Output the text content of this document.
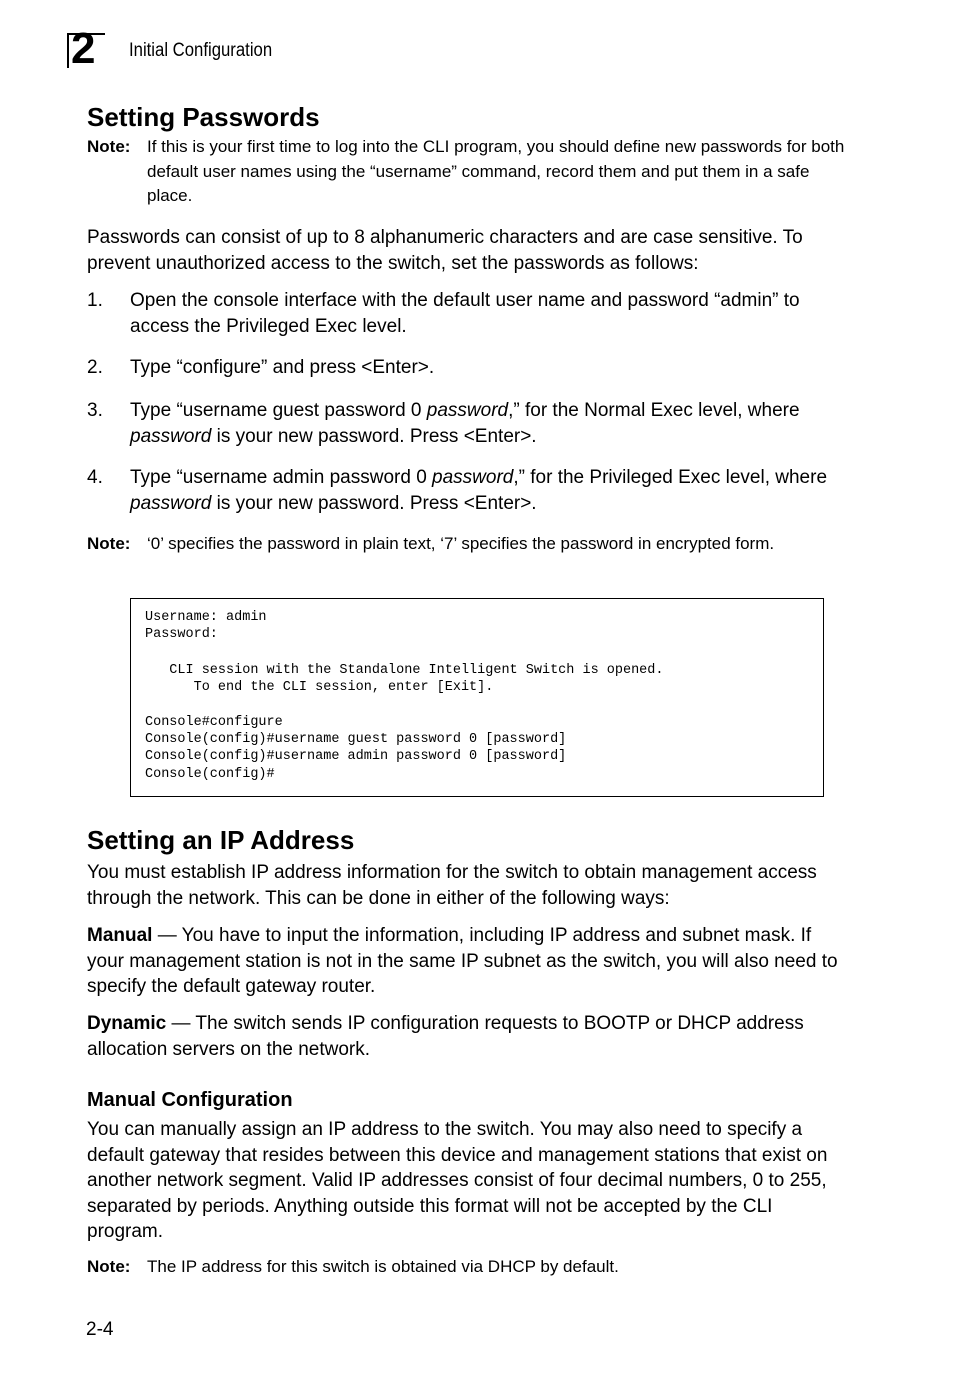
2 Initial Configuration
Setting Passwords
Note: If this is your first time to log into the CLI program, you should define new passwords for both default user names using the “username” command, record them and put them in a safe place.
Passwords can consist of up to 8 alphanumeric characters and are case sensitive. To prevent unauthorized access to the switch, set the passwords as follows:
1. Open the console interface with the default user name and password “admin” to access the Privileged Exec level.
2. Type “configure” and press <Enter>.
3. Type “username guest password 0 password,” for the Normal Exec level, where password is your new password. Press <Enter>.
4. Type “username admin password 0 password,” for the Privileged Exec level, where password is your new password. Press <Enter>.
Note: ‘0’ specifies the password in plain text, ‘7’ specifies the password in encrypted form.
Username: admin
Password:
CLI session with the Standalone Intelligent Switch is opened.
To end the CLI session, enter [Exit].
Console#configure
Console(config)#username guest password 0 [password]
Console(config)#username admin password 0 [password]
Console(config)#
Setting an IP Address
You must establish IP address information for the switch to obtain management access through the network. This can be done in either of the following ways:
Manual — You have to input the information, including IP address and subnet mask. If your management station is not in the same IP subnet as the switch, you will also need to specify the default gateway router.
Dynamic — The switch sends IP configuration requests to BOOTP or DHCP address allocation servers on the network.
Manual Configuration
You can manually assign an IP address to the switch. You may also need to specify a default gateway that resides between this device and management stations that exist on another network segment. Valid IP addresses consist of four decimal numbers, 0 to 255, separated by periods. Anything outside this format will not be accepted by the CLI program.
Note: The IP address for this switch is obtained via DHCP by default.
2-4
